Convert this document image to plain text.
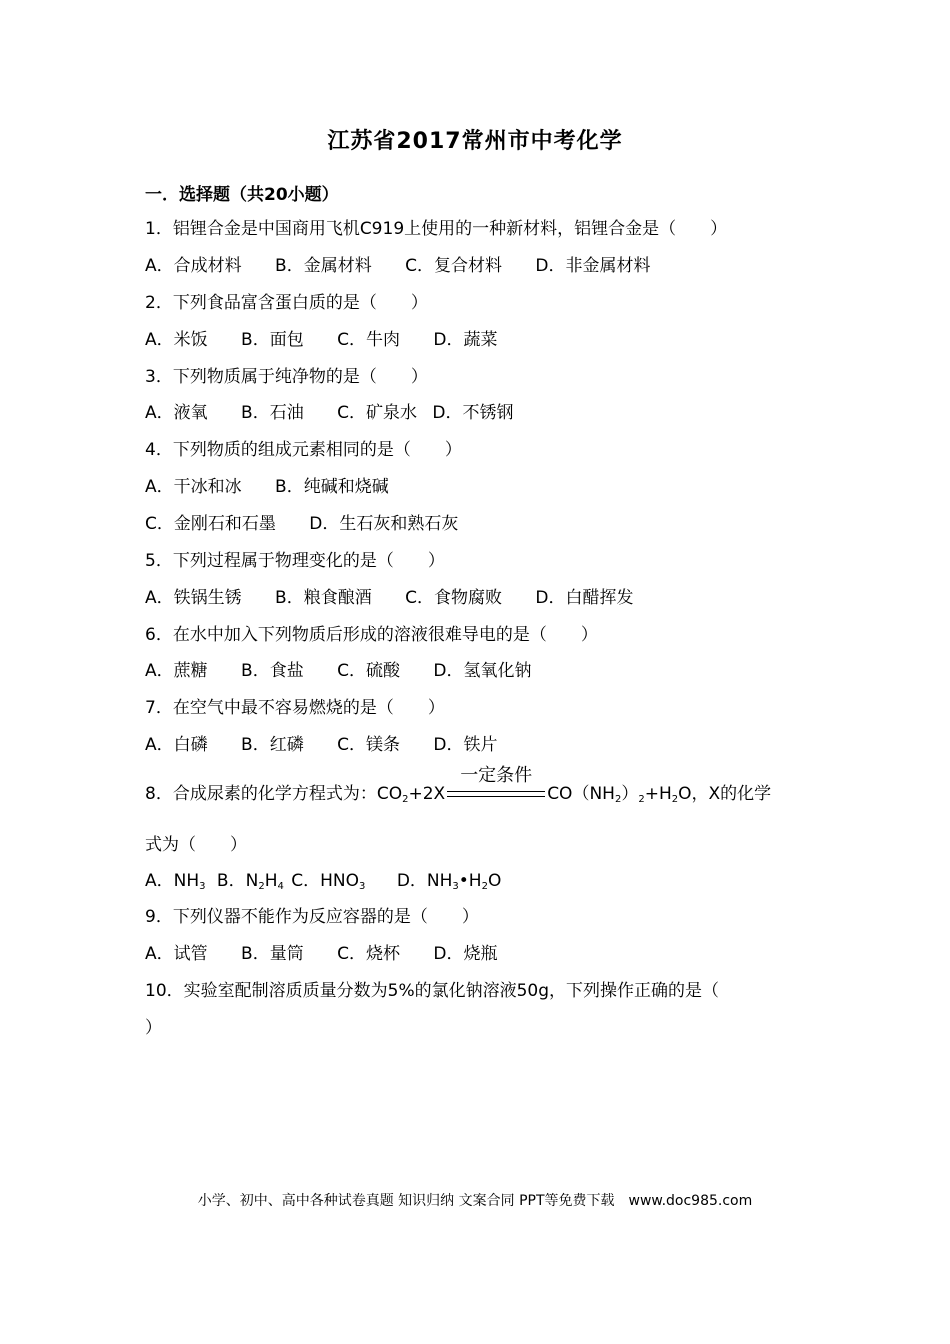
江苏省2017常州市中考化学
一．选择题（共20小题）
1．铝锂合金是中国商用飞机C919上使用的一种新材料，铝锂合金是（　　）
A．合成材料 B．金属材料 C．复合材料 D．非金属材料
2．下列食品富含蛋白质的是（　　）
A．米饭 B．面包 C．牛肉 D．蔬菜
3．下列物质属于纯净物的是（　　）
A．液氧 B．石油 C．矿泉水 D．不锈钢
4．下列物质的组成元素相同的是（　　）
A．干冰和冰 B．纯碱和烧碱
C．金刚石和石墨 D．生石灰和熟石灰
5．下列过程属于物理变化的是（　　）
A．铁锅生锈 B．粮食酿酒 C．食物腐败 D．白醋挥发
6．在水中加入下列物质后形成的溶液很难导电的是（　　）
A．蔗糖 B．食盐 C．硫酸 D．氢氧化钠
7．在空气中最不容易燃烧的是（　　）
A．白磷 B．红磷 C．镁条 D．铁片
8．合成尿素的化学方程式为：$CO_2+2X$
一定条件
$CO(NH_2)_2+H_2O$，X的化学
式为（　　）
A．$NH_3$ B．$N_2H_4$ C．$HNO_3$ D．$NH_3•H_2O$
9．下列仪器不能作为反应容器的是（　　）
A．试管 B．量筒 C．烧杯 D．烧瓶
10．实验室配制溶质质量分数为5%的氯化钠溶液50g，下列操作正确的是（
）
小学、初中、高中各种试卷真题 知识归纳 文案合同 PPT等免费下载　www.doc985.com
